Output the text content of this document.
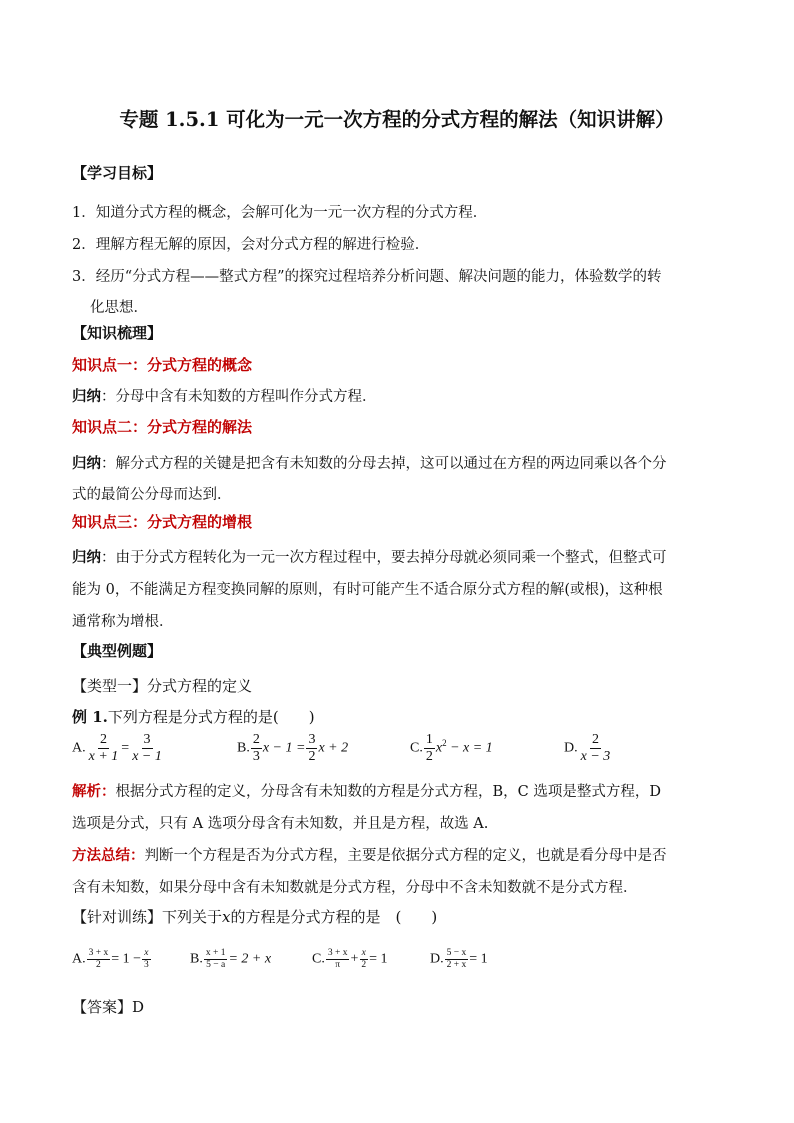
专题 1.5.1 可化为一元一次方程的分式方程的解法（知识讲解）
【学习目标】
1．知道分式方程的概念，会解可化为一元一次方程的分式方程．
2．理解方程无解的原因，会对分式方程的解进行检验．
3．经历“分式方程——整式方程”的探究过程培养分析问题、解决问题的能力，体验数学的转
化思想．
【知识梳理】
知识点一：分式方程的概念
归纳：分母中含有未知数的方程叫作分式方程．
知识点二：分式方程的解法
归纳：解分式方程的关键是把含有未知数的分母去掉，这可以通过在方程的两边同乘以各个分
式的最简公分母而达到．
知识点三：分式方程的增根
归纳：由于分式方程转化为一元一次方程过程中，要去掉分母就必须同乘一个整式，但整式可
能为 0，不能满足方程变换同解的原则，有时可能产生不适合原分式方程的解(或根)，这种根
通常称为增根．
【典型例题】
【类型一】分式方程的定义
例 1.下列方程是分式方程的是(　　)
A. $\frac{2}{x + 1} = \frac{3}{x - 1}$	B. $\frac{2}{3}$ $x - 1 = \frac{3}{2}$ x + 2	C. $\frac{1}{2} x^2 - x = 1$	D. $\frac{2}{x - 3}$
解析：根据分式方程的定义，分母含有未知数的方程是分式方程，B，C 选项是整式方程，D
选项是分式，只有 A 选项分母含有未知数，并且是方程，故选 A.
方法总结：判断一个方程是否为分式方程，主要是依据分式方程的定义，也就是看分母中是否
含有未知数，如果分母中含有未知数就是分式方程，分母中不含未知数就不是分式方程．
【针对训练】下列关于x的方程是分式方程的是　(　　)
A. $\frac{3 + x}{2} = 1 - \frac{x}{3}$	B. $\frac{x + 1}{5 - a} = 2 + x$	C. $\frac{3 + x}{\pi} + \frac{x}{2} = 1$	D. $\frac{5 - x}{2 + x} = 1$
【答案】D
